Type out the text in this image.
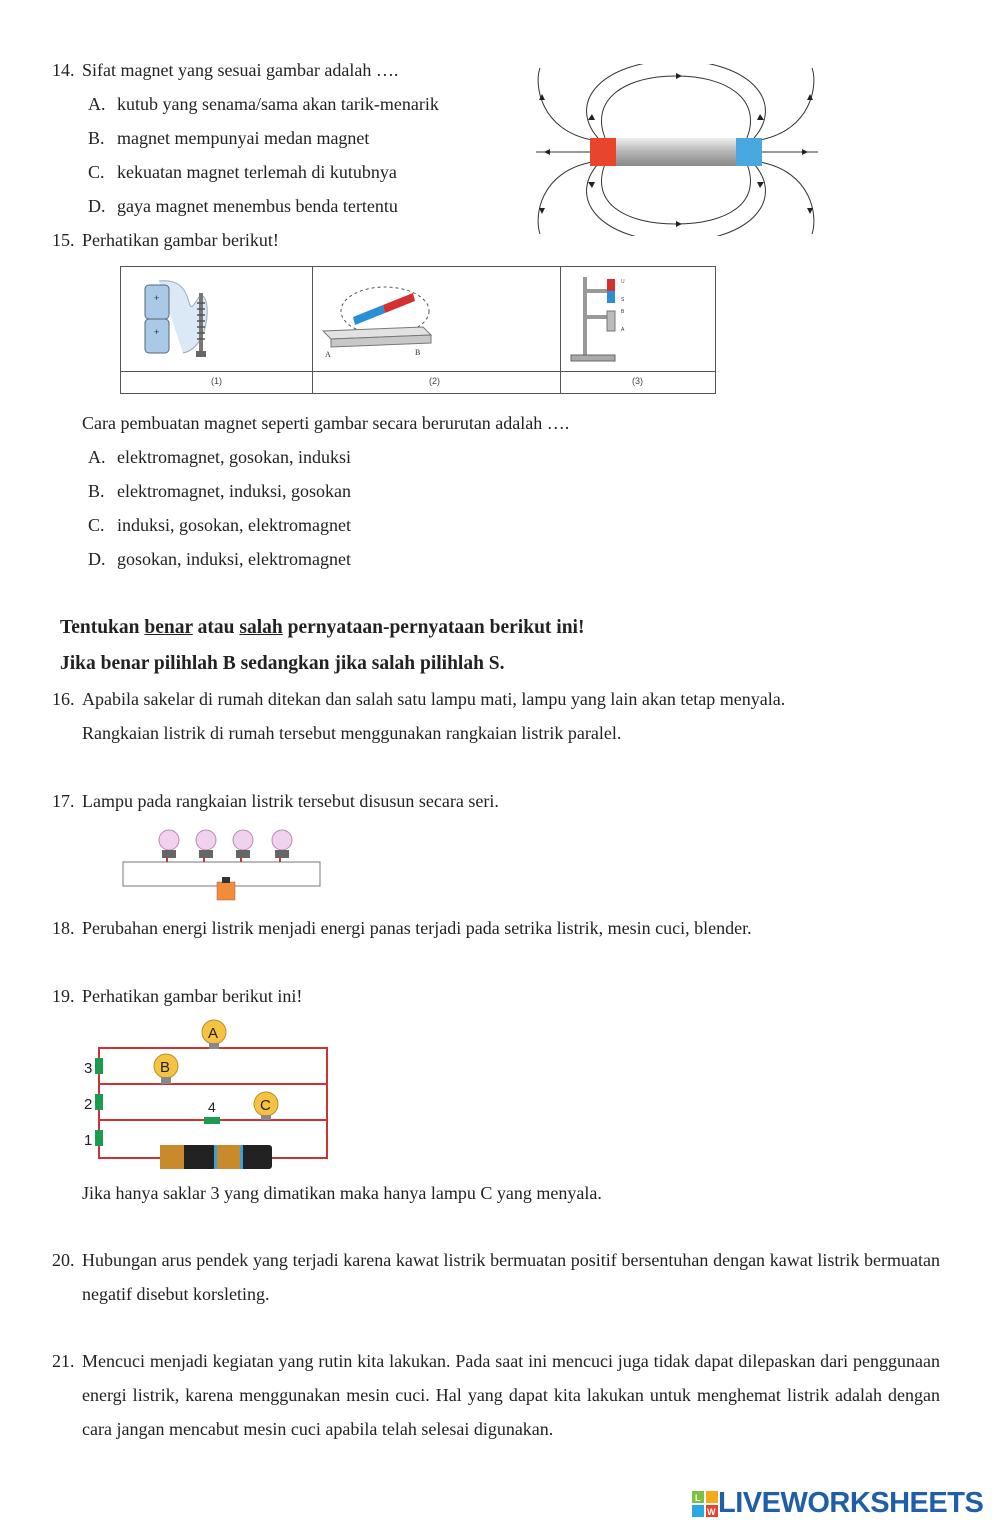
14. Sifat magnet yang sesuai gambar adalah ….
A. kutub yang senama/sama akan tarik-menarik
B. magnet mempunyai medan magnet
C. kekuatan magnet terlemah di kutubnya
D. gaya magnet menembus benda tertentu
15. Perhatikan gambar berikut!
+
+
A	B
U
S
B
A
(1)	(2)	(3)
Cara pembuatan magnet seperti gambar secara berurutan adalah ….
A. elektromagnet, gosokan, induksi
B. elektromagnet, induksi, gosokan
C. induksi, gosokan, elektromagnet
D. gosokan, induksi, elektromagnet
Tentukan benar atau salah pernyataan-pernyataan berikut ini!
Jika benar pilihlah B sedangkan jika salah pilihlah S.
16. Apabila sakelar di rumah ditekan dan salah satu lampu mati, lampu yang lain akan tetap menyala.
Rangkaian listrik di rumah tersebut menggunakan rangkaian listrik paralel.
17. Lampu pada rangkaian listrik tersebut disusun secara seri.
18. Perubahan energi listrik menjadi energi panas terjadi pada setrika listrik, mesin cuci, blender.
19. Perhatikan gambar berikut ini!
3
2
1
4
A
B
C
Jika hanya saklar 3 yang dimatikan maka hanya lampu C yang menyala.
20. Hubungan arus pendek yang terjadi karena kawat listrik bermuatan positif bersentuhan dengan kawat listrik bermuatan negatif disebut korsleting.
21. Mencuci menjadi kegiatan yang rutin kita lakukan. Pada saat ini mencuci juga tidak dapat dilepaskan dari penggunaan energi listrik, karena menggunakan mesin cuci. Hal yang dapat kita lakukan untuk menghemat listrik adalah dengan cara jangan mencabut mesin cuci apabila telah selesai digunakan.
L
W LIVEWORKSHEETS
